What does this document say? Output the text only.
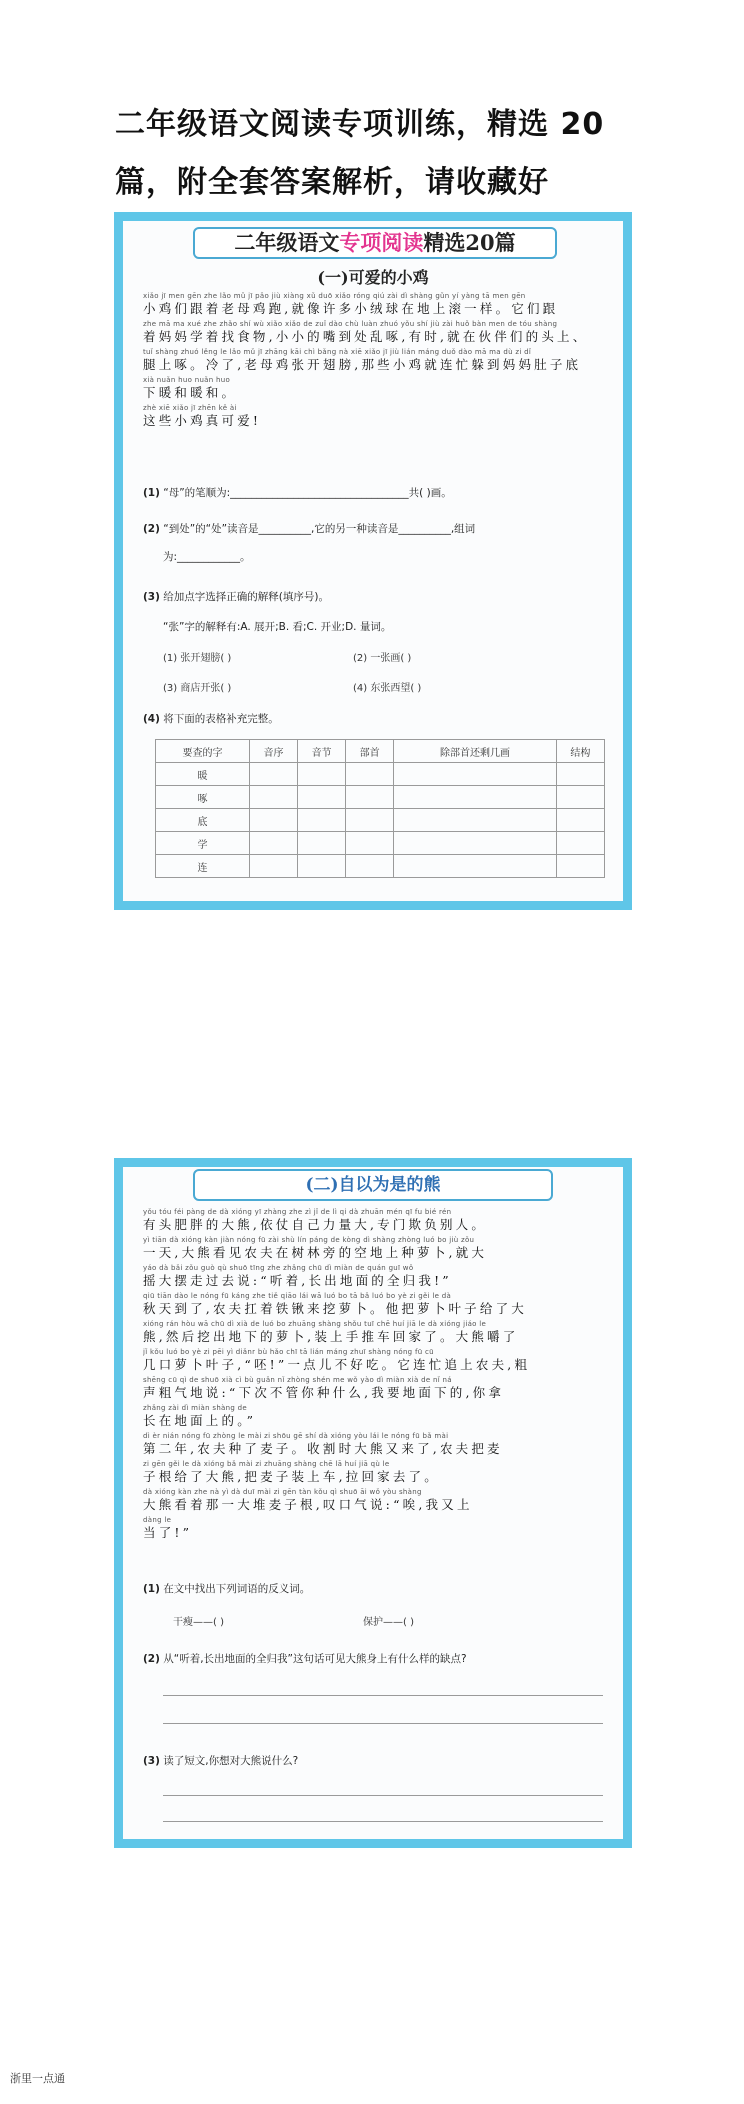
二年级语文阅读专项训练，精选 20
篇，附全套答案解析，请收藏好
二年级语文专项阅读精选20篇
(一)可爱的小鸡
xiǎo jī men gēn zhe lǎo mǔ jī pǎo jiù xiàng xǔ duō xiǎo róng qiú zài dì shàng gǔn yí yàng tā men gēn
小鸡们跟着老母鸡跑,就像许多小绒球在地上滚一样。它们跟
zhe mā ma xué zhe zhǎo shí wù xiǎo xiǎo de zuǐ dào chù luàn zhuó yǒu shí jiù zài huǒ bàn men de tóu shàng
着妈妈学着找食物,小小的嘴到处乱啄,有时,就在伙伴们的头上、
tuǐ shàng zhuó lěng le lǎo mǔ jī zhāng kāi chì bǎng nà xiē xiǎo jī jiù lián máng duǒ dào mā ma dù zi dǐ
腿上啄。冷了,老母鸡张开翅膀,那些小鸡就连忙躲到妈妈肚子底
xià nuǎn huo nuǎn huo
下暖和暖和。
zhè xiē xiǎo jī zhēn kě ài
这些小鸡真可爱!
(1) “母”的笔顺为:__________________________________共( )画。
(2) “到处”的“处”读音是__________,它的另一种读音是__________,组词
为:____________。
(3) 给加点字选择正确的解释(填序号)。
“张”字的解释有:A. 展开;B. 看;C. 开业;D. 量词。
(1) 张开翅膀( )	(2) 一张画( )
(3) 商店开张( )	(4) 东张西望( )
(4) 将下面的表格补充完整。
要查的字	音序	音节	部首	除部首还剩几画	结构
暖					
啄					
底					
学					
连					
(二)自以为是的熊
yǒu tóu féi pàng de dà xióng yī zhàng zhe zì jǐ de lì qi dà zhuān mén qī fu bié rén
有头肥胖的大熊,依仗自己力量大,专门欺负别人。
yì tiān dà xióng kàn jiàn nóng fū zài shù lín páng de kòng dì shàng zhòng luó bo jiù zǒu
一天,大熊看见农夫在树林旁的空地上种萝卜,就大
yáo dà bǎi zǒu guò qù shuō tīng zhe zhǎng chū dì miàn de quán guī wǒ
摇大摆走过去说:“听着,长出地面的全归我!”
qiū tiān dào le nóng fū káng zhe tiě qiāo lái wā luó bo tā bǎ luó bo yè zi gěi le dà
秋天到了,农夫扛着铁锹来挖萝卜。他把萝卜叶子给了大
xióng rán hòu wā chū dì xià de luó bo zhuāng shàng shǒu tuī chē huí jiā le dà xióng jiáo le
熊,然后挖出地下的萝卜,装上手推车回家了。大熊嚼了
jǐ kǒu luó bo yè zi pēi yì diǎnr bù hǎo chī tā lián máng zhuī shàng nóng fū cū
几口萝卜叶子,“呸!”一点儿不好吃。它连忙追上农夫,粗
shēng cū qì de shuō xià cì bù guǎn nǐ zhòng shén me wǒ yào dì miàn xià de nǐ ná
声粗气地说:“下次不管你种什么,我要地面下的,你拿
zhǎng zài dì miàn shàng de
长在地面上的。”
dì èr nián nóng fū zhòng le mài zi shōu gē shí dà xióng yòu lái le nóng fū bǎ mài
第二年,农夫种了麦子。收割时大熊又来了,农夫把麦
zi gēn gěi le dà xióng bǎ mài zi zhuāng shàng chē lā huí jiā qù le
子根给了大熊,把麦子装上车,拉回家去了。
dà xióng kàn zhe nà yì dà duī mài zi gēn tàn kǒu qì shuō āi wǒ yòu shàng
大熊看着那一大堆麦子根,叹口气说:“唉,我又上
dàng le
当了!”
(1) 在文中找出下列词语的反义词。
干瘦——( )	保护——( )
(2) 从“听着,长出地面的全归我”这句话可见大熊身上有什么样的缺点?
(3) 读了短文,你想对大熊说什么?
浙里一点通
